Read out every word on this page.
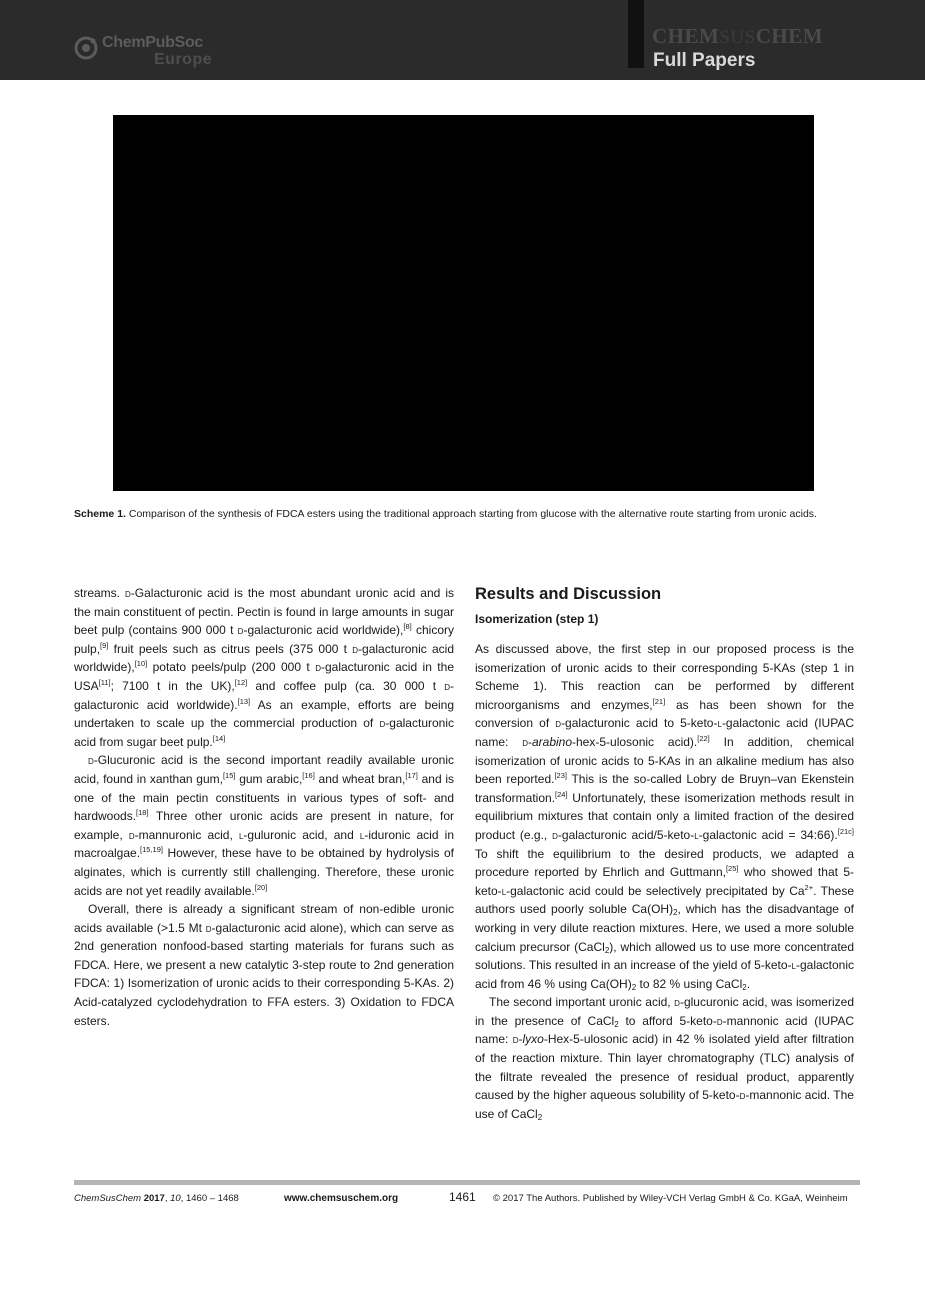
ChemPubSoc
Europe
CHEMSUSCHEM
Full Papers
Scheme 1. Comparison of the synthesis of FDCA esters using the traditional approach starting from glucose with the alternative route starting from uronic acids.

streams. d-Galacturonic acid is the most abundant uronic acid and is the main constituent of pectin. Pectin is found in large amounts in sugar beet pulp (contains 900 000 t d-galacturonic acid worldwide),[8] chicory pulp,[9] fruit peels such as citrus peels (375 000 t d-galacturonic acid worldwide),[10] potato peels/pulp (200 000 t d-galacturonic acid in the USA[11]; 7100 t in the UK),[12] and coffee pulp (ca. 30 000 t d-galacturonic acid worldwide).[13] As an example, efforts are being undertaken to scale up the commercial production of d-galacturonic acid from sugar beet pulp.[14]

d-Glucuronic acid is the second important readily available uronic acid, found in xanthan gum,[15] gum arabic,[16] and wheat bran,[17] and is one of the main pectin constituents in various types of soft- and hardwoods.[18] Three other uronic acids are present in nature, for example, d-mannuronic acid, l-guluronic acid, and l-iduronic acid in macroalgae.[15,19] However, these have to be obtained by hydrolysis of alginates, which is currently still challenging. Therefore, these uronic acids are not yet readily available.[20]

Overall, there is already a significant stream of non-edible uronic acids available (>1.5 Mt d-galacturonic acid alone), which can serve as 2nd generation nonfood-based starting materials for furans such as FDCA. Here, we present a new catalytic 3-step route to 2nd generation FDCA: 1) Isomerization of uronic acids to their corresponding 5-KAs. 2) Acid-catalyzed cyclodehydration to FFA esters. 3) Oxidation to FDCA esters.

Results and Discussion
Isomerization (step 1)

As discussed above, the first step in our proposed process is the isomerization of uronic acids to their corresponding 5-KAs (step 1 in Scheme 1). This reaction can be performed by different microorganisms and enzymes,[21] as has been shown for the conversion of d-galacturonic acid to 5-keto-l-galactonic acid (IUPAC name: d-arabino-hex-5-ulosonic acid).[22] In addition, chemical isomerization of uronic acids to 5-KAs in an alkaline medium has also been reported.[23] This is the so-called Lobry de Bruyn–van Ekenstein transformation.[24] Unfortunately, these isomerization methods result in equilibrium mixtures that contain only a limited fraction of the desired product (e.g., d-galacturonic acid/5-keto-l-galactonic acid = 34:66).[21c] To shift the equilibrium to the desired products, we adapted a procedure reported by Ehrlich and Guttmann,[25] who showed that 5-keto-l-galactonic acid could be selectively precipitated by $Ca^{2+}$. These authors used poorly soluble $Ca(OH)_2$, which has the disadvantage of working in very dilute reaction mixtures. Here, we used a more soluble calcium precursor (CaCl$_2$), which allowed us to use more concentrated solutions. This resulted in an increase of the yield of 5-keto-l-galactonic acid from 46 % using $Ca(OH)_2$ to 82 % using CaCl$_2$.

The second important uronic acid, d-glucuronic acid, was isomerized in the presence of CaCl$_2$ to afford 5-keto-d-mannonic acid (IUPAC name: d-lyxo-Hex-5-ulosonic acid) in 42 % isolated yield after filtration of the reaction mixture. Thin layer chromatography (TLC) analysis of the filtrate revealed the presence of residual product, apparently caused by the higher aqueous solubility of 5-keto-d-mannonic acid. The use of CaCl$_2$

ChemSusChem 2017, 10, 1460 – 1468	www.chemsuschem.org	1461 © 2017 The Authors. Published by Wiley-VCH Verlag GmbH & Co. KGaA, Weinheim
